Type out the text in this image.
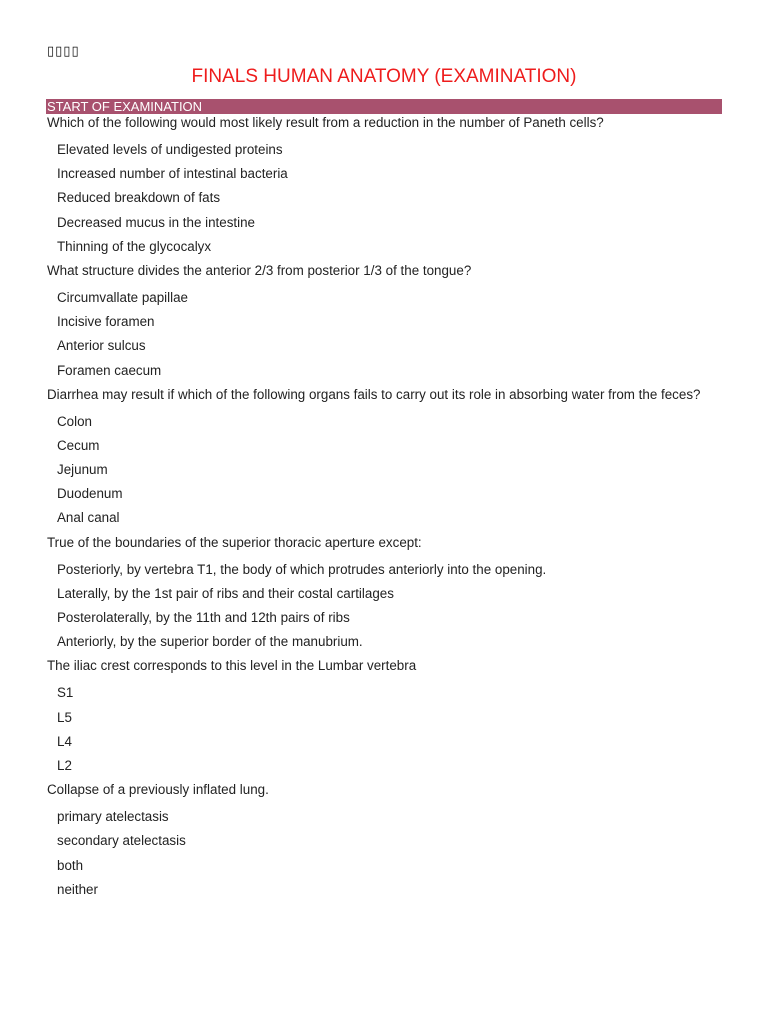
▯▯▯▯
FINALS HUMAN ANATOMY (EXAMINATION)
START OF EXAMINATION

Which of the following would most likely result from a reduction in the number of Paneth cells?

Elevated levels of undigested proteins
Increased number of intestinal bacteria
Reduced breakdown of fats
Decreased mucus in the intestine
Thinning of the glycocalyx

What structure divides the anterior 2/3 from posterior 1/3 of the tongue?

Circumvallate papillae
Incisive foramen
Anterior sulcus
Foramen caecum

Diarrhea may result if which of the following organs fails to carry out its role in absorbing water from the feces?

Colon
Cecum
Jejunum
Duodenum
Anal canal

True of the boundaries of the superior thoracic aperture except:

Posteriorly, by vertebra T1, the body of which protrudes anteriorly into the opening.
Laterally, by the 1st pair of ribs and their costal cartilages
Posterolaterally, by the 11th and 12th pairs of ribs
Anteriorly, by the superior border of the manubrium.

The iliac crest corresponds to this level in the Lumbar vertebra

S1
L5
L4
L2

Collapse of a previously inflated lung.

primary atelectasis
secondary atelectasis
both
neither
